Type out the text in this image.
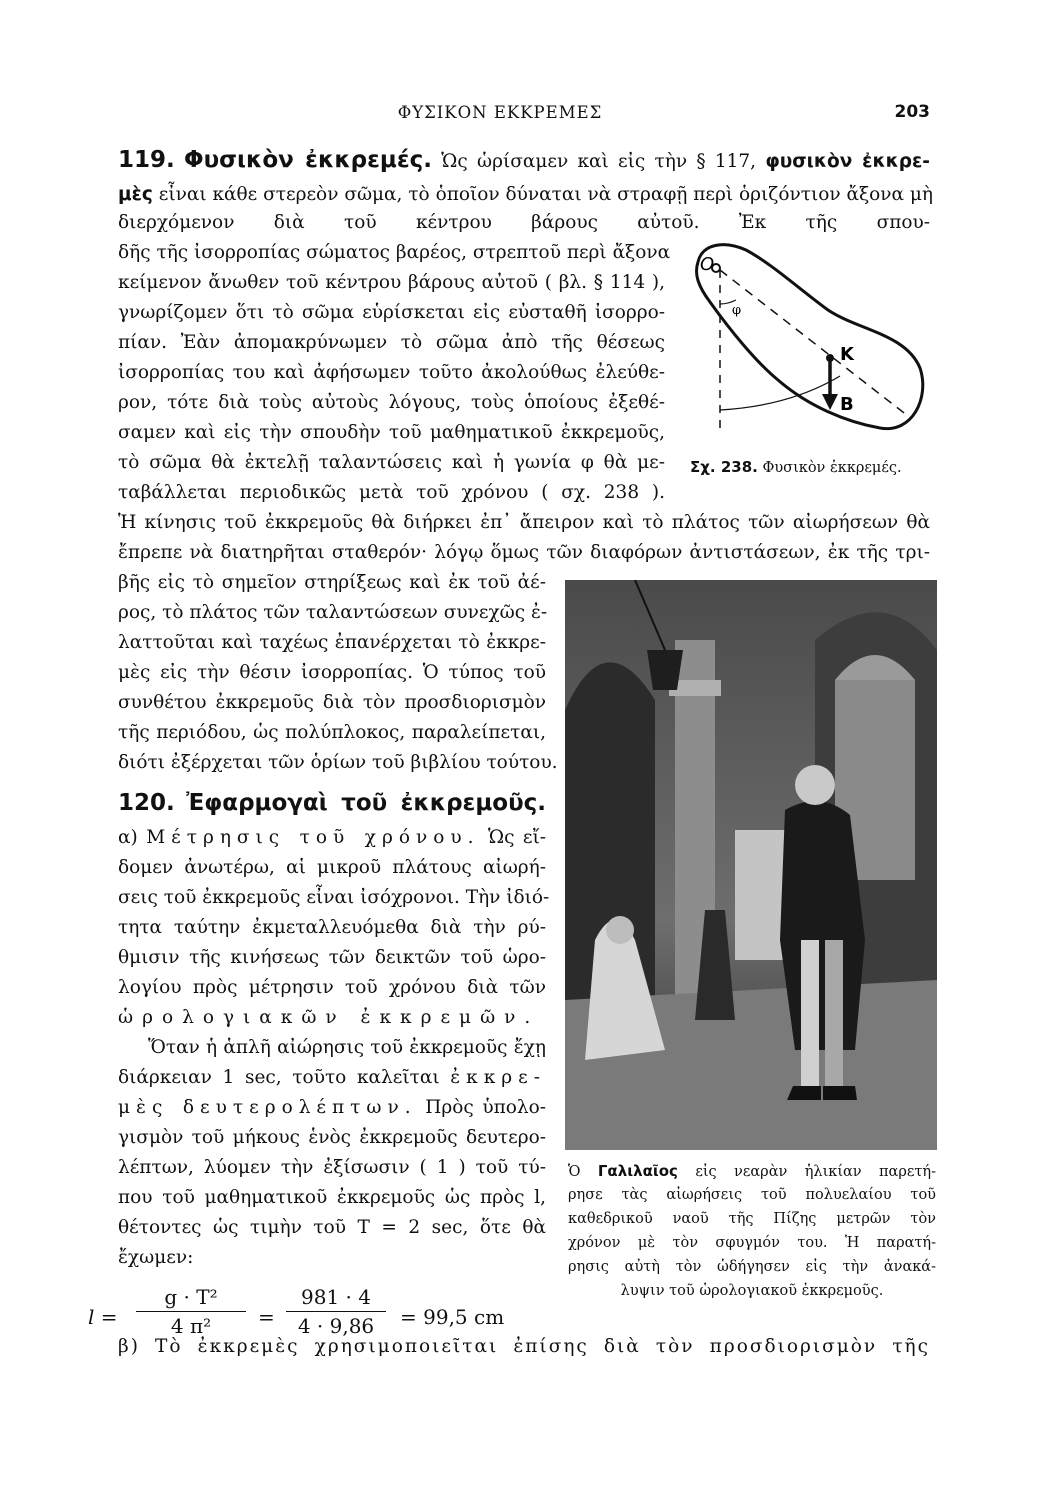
ΦΥΣΙΚΟΝ ΕΚΚΡΕΜΕΣ	203
119. Φυσικὸν ἐκκρεμές. Ὡς ὡρίσαμεν καὶ εἰς τὴν § 117, φυσικὸν ἐκκρε-
μὲς εἶναι κάθε στερεὸν σῶμα, τὸ ὁποῖον δύναται νὰ στραφῇ περὶ ὁριζόντιον ἄξονα μὴ
διερχόμενον διὰ τοῦ κέντρου βάρους αὐτοῦ. Ἐκ τῆς σπου-
δῆς τῆς ἰσορροπίας σώματος βαρέος, στρεπτοῦ περὶ ἄξονα
κείμενον ἄνωθεν τοῦ κέντρου βάρους αὐτοῦ ( βλ. § 114 ),
γνωρίζομεν ὅτι τὸ σῶμα εὑρίσκεται εἰς εὐσταθῆ ἰσορρο-
πίαν. Ἐὰν ἀπομακρύνωμεν τὸ σῶμα ἀπὸ τῆς θέσεως
ἰσορροπίας του καὶ ἀφήσωμεν τοῦτο ἀκολούθως ἐλεύθε-
ρον, τότε διὰ τοὺς αὐτοὺς λόγους, τοὺς ὁποίους ἐξεθέ-
σαμεν καὶ εἰς τὴν σπουδὴν τοῦ μαθηματικοῦ ἐκκρεμοῦς,
τὸ σῶμα θὰ ἐκτελῇ ταλαντώσεις καὶ ἡ γωνία φ θὰ με-
ταβάλλεται περιοδικῶς μετὰ τοῦ χρόνου ( σχ. 238 ).
O
φ
K
B
Σχ. 238. Φυσικὸν ἐκκρεμές.
Ἡ κίνησις τοῦ ἐκκρεμοῦς θὰ διήρκει ἐπ᾽ ἄπειρον καὶ τὸ πλάτος τῶν αἰωρήσεων θὰ
ἔπρεπε νὰ διατηρῆται σταθερόν· λόγῳ ὅμως τῶν διαφόρων ἀντιστάσεων, ἐκ τῆς τρι-
βῆς εἰς τὸ σημεῖον στηρίξεως καὶ ἐκ τοῦ ἀέ-
ρος, τὸ πλάτος τῶν ταλαντώσεων συνεχῶς ἐ-
λαττοῦται καὶ ταχέως ἐπανέρχεται τὸ ἐκκρε-
μὲς εἰς τὴν θέσιν ἰσορροπίας. Ὁ τύπος τοῦ
συνθέτου ἐκκρεμοῦς διὰ τὸν προσδιορισμὸν
τῆς περιόδου, ὡς πολύπλοκος, παραλείπεται,
διότι ἐξέρχεται τῶν ὁρίων τοῦ βιβλίου τούτου.
120. Ἐφαρμογαὶ τοῦ ἐκκρεμοῦς.
α) Μέτρησις τοῦ χρόνου. Ὡς εἴ-
δομεν ἀνωτέρω, αἱ μικροῦ πλάτους αἰωρή-
σεις τοῦ ἐκκρεμοῦς εἶναι ἰσόχρονοι. Τὴν ἰδιό-
τητα ταύτην ἐκμεταλλευόμεθα διὰ τὴν ρύ-
θμισιν τῆς κινήσεως τῶν δεικτῶν τοῦ ὡρο-
λογίου πρὸς μέτρησιν τοῦ χρόνου διὰ τῶν
ὡρολογιακῶν ἐκκρεμῶν.
Ὅταν ἡ ἁπλῆ αἰώρησις τοῦ ἐκκρεμοῦς ἔχῃ
διάρκειαν 1 sec, τοῦτο καλεῖται ἐκκρε-
μὲς δευτερολέπτων. Πρὸς ὑπολο-
γισμὸν τοῦ μήκους ἑνὸς ἐκκρεμοῦς δευτερο-
λέπτων, λύομεν τὴν ἐξίσωσιν ( 1 ) τοῦ τύ-
που τοῦ μαθηματικοῦ ἐκκρεμοῦς ὡς πρὸς l,
θέτοντες ὡς τιμὴν τοῦ Τ = 2 sec, ὅτε θὰ
ἔχωμεν:
$l = \frac{\text{g · T²}}{\text{4 π²}} = \frac{981 \cdot 4}{4 \cdot 9,86} = 99,5$ cm
Ὁ Γαλιλαῖος εἰς νεαρὰν ἡλικίαν παρετή-
ρησε τὰς αἰωρήσεις τοῦ πολυελαίου τοῦ
καθεδρικοῦ ναοῦ τῆς Πίζης μετρῶν τὸν
χρόνον μὲ τὸν σφυγμόν του. Ἡ παρατή-
ρησις αὐτὴ τὸν ὡδήγησεν εἰς τὴν ἀνακά-
λυψιν τοῦ ὡρολογιακοῦ ἐκκρεμοῦς.
β) Τὸ ἐκκρεμὲς χρησιμοποιεῖται ἐπίσης διὰ τὸν προσδιορισμὸν τῆς
